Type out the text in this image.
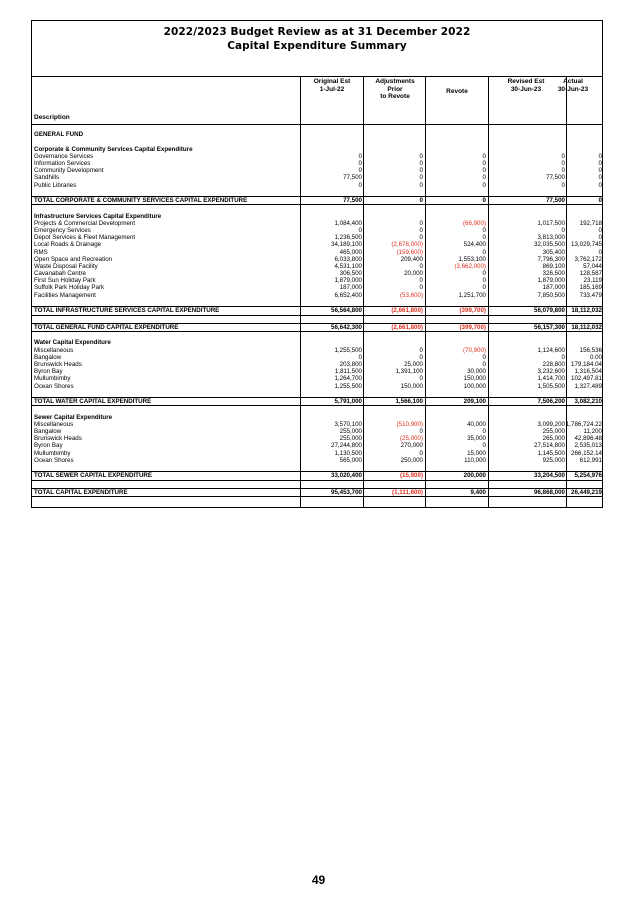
2022/2023 Budget Review as at 31 December 2022
Capital Expenditure Summary
Original Est
1-Jul-22
Adjustments
Prior
to Revote
Revote
Revised Est
30-Jun-23
Actual
30-Jun-23
Description
GENERAL FUND
Corporate & Community Services Capital Expenditure
Governance Services	0	0	0	0	0
Information Services	0	0	0	0	0
Community Development	0	0	0	0	0
Sandhills	77,500	0	0	77,500	0
Public Libraries	0	0	0	0	0
TOTAL CORPORATE & COMMUNITY SERVICES CAPITAL EXPENDITURE	77,500	0	0	77,500	0
Infrastructure Services Capital Expenditure
Projects & Commercial Development	1,084,400	0	(66,900)	1,017,500	192,718
Emergency Services	0	0	0	0	0
Depot Services & Fleet Management	1,236,500	0	0	3,813,000	0
Local Roads & Drainage	34,189,100	(2,678,000)	524,400	32,035,500 13,029,745
RMS	465,000	(159,600)	0	305,400	0
Open Space and Recreation	6,033,800	209,400	1,553,100	7,796,300	3,762,172
Waste Disposal Facility	4,531,100	0	(3,662,000)	869,100	57,044
Cavanabah Centre	306,500	20,000	0	326,500	128,587
First Sun Holiday Park	1,879,000	0	0	1,879,000	23,119
Suffolk Park Holiday Park	187,000	0	0	187,000	185,169
Facilities Management	6,652,400	(53,600)	1,251,700	7,850,500	733,479
TOTAL INFRASTRUCTURE SERVICES CAPITAL EXPENDITURE	56,564,800	(2,661,800)	(399,700)	56,079,800	18,112,032
TOTAL GENERAL FUND CAPITAL EXPENDITURE	56,642,300	(2,661,800)	(399,700)	56,157,300	18,112,032
Water Capital Expenditure
Miscellaneous	1,255,500	0	(70,900)	1,124,600	156,536
Bangalow	0	0	0	0	0.00
Brunswick Heads	203,800	25,000	0	228,800 179,184.04
Byron Bay	1,811,500	1,391,100	30,000	3,232,600	1,316,504
Mullumbimby	1,264,700	0	150,000	1,414,700 102,497.81
Ocean Shores	1,255,500	150,000	100,000	1,505,500	1,327,489
TOTAL WATER CAPITAL EXPENDITURE	5,791,000	1,566,100	209,100	7,506,200	3,082,210
Sewer Capital Expenditure
Miscellaneous	3,570,100	(510,900)	40,000	3,099,200 1,786,724.22
Bangalow	255,000	0	0	255,000	11,200
Brunswick Heads	255,000	(25,000)	35,000	265,000	42,896.48
Byron Bay	27,244,800	270,000	0	27,514,800	2,535,013
Mullumbimby	1,130,500	0	15,000	1,145,500 266,152.14
Ocean Shores	565,000	250,000	110,000	925,000	612,991
TOTAL SEWER CAPITAL EXPENDITURE	33,020,400	(15,900)	200,000	33,204,500	5,254,976
TOTAL CAPITAL EXPENDITURE	95,453,700	(1,111,600)	9,400	96,868,000 26,449,219
49
